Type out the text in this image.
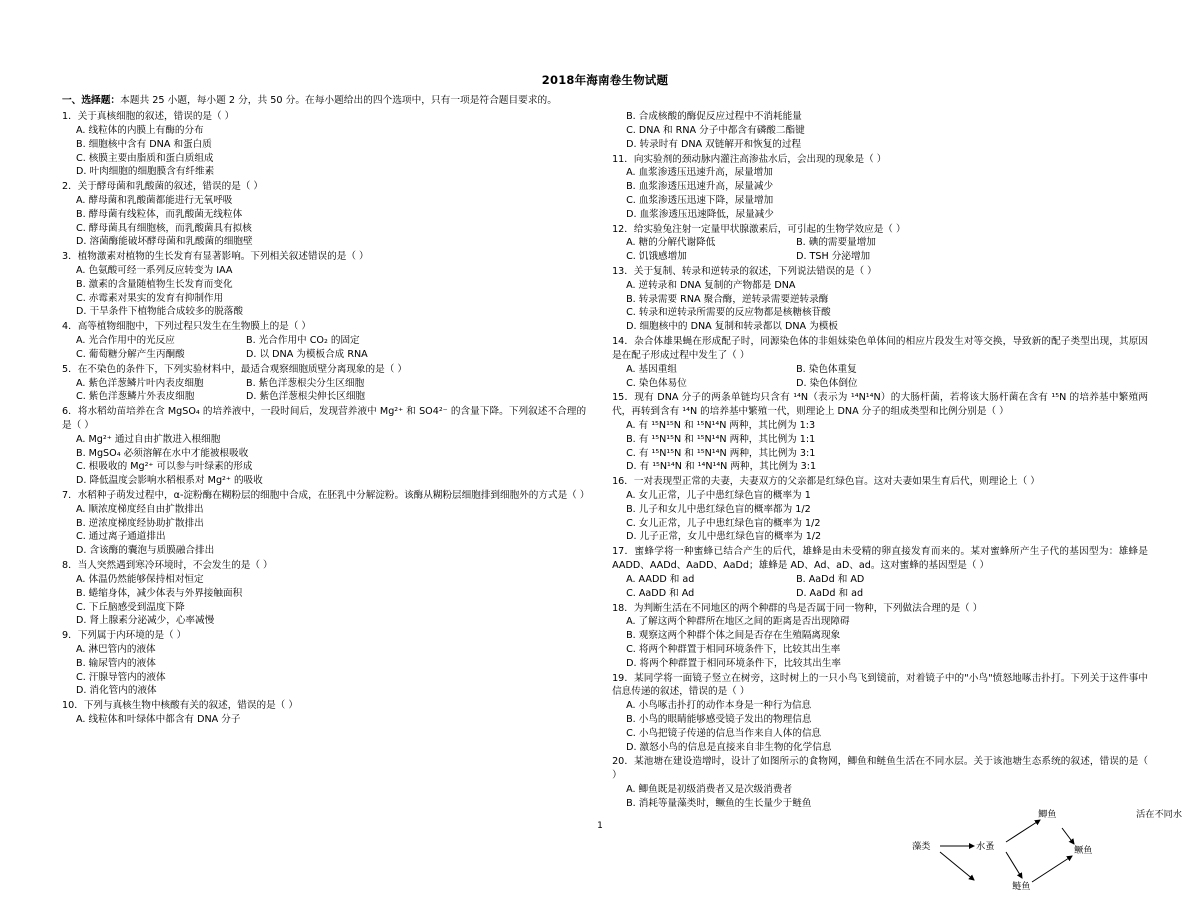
2018年海南卷生物试题
一、选择题：本题共 25 小题，每小题 2 分，共 50 分。在每小题给出的四个选项中，只有一项是符合题目要求的。
1．关于真核细胞的叙述，错误的是（ ）
A. 线粒体的内膜上有酶的分布
B. 细胞核中含有 DNA 和蛋白质
C. 核膜主要由脂质和蛋白质组成
D. 叶肉细胞的细胞膜含有纤维素
2．关于酵母菌和乳酸菌的叙述，错误的是（ ）
A. 酵母菌和乳酸菌都能进行无氧呼吸
B. 酵母菌有线粒体，而乳酸菌无线粒体
C. 酵母菌具有细胞核，而乳酸菌具有拟核
D. 溶菌酶能破坏酵母菌和乳酸菌的细胞壁
3．植物激素对植物的生长发育有显著影响。下列相关叙述错误的是（ ）
A. 色氨酸可经一系列反应转变为 IAA
B. 激素的含量随植物生长发育而变化
C. 赤霉素对果实的发育有抑制作用
D. 干旱条件下植物能合成较多的脱落酸
4．高等植物细胞中，下列过程只发生在生物膜上的是（ ）
A. 光合作用中的光反应	B. 光合作用中 CO₂ 的固定
C. 葡萄糖分解产生丙酮酸	D. 以 DNA 为模板合成 RNA
5．在不染色的条件下，下列实验材料中，最适合观察细胞质壁分离现象的是（ ）
A. 紫色洋葱鳞片叶内表皮细胞	B. 紫色洋葱根尖分生区细胞
C. 紫色洋葱鳞片外表皮细胞	D. 紫色洋葱根尖伸长区细胞
6．将水稻幼苗培养在含 MgSO₄ 的培养液中，一段时间后，发现营养液中 Mg²⁺ 和 SO4²⁻ 的含量下降。下列叙述不合理的是（ ）
A. Mg²⁺ 通过自由扩散进入根细胞
B. MgSO₄ 必须溶解在水中才能被根吸收
C. 根吸收的 Mg²⁺ 可以参与叶绿素的形成
D. 降低温度会影响水稻根系对 Mg²⁺ 的吸收
7．水稻种子萌发过程中，α-淀粉酶在糊粉层的细胞中合成，在胚乳中分解淀粉。该酶从糊粉层细胞排到细胞外的方式是（ ）
A. 顺浓度梯度经自由扩散排出
B. 逆浓度梯度经协助扩散排出
C. 通过离子通道排出
D. 含该酶的囊泡与质膜融合排出
8．当人突然遇到寒冷环境时，不会发生的是（ ）
A. 体温仍然能够保持相对恒定
B. 蜷缩身体，减少体表与外界接触面积
C. 下丘脑感受到温度下降
D. 肾上腺素分泌减少，心率减慢
9．下列属于内环境的是（ ）
A. 淋巴管内的液体
B. 输尿管内的液体
C. 汗腺导管内的液体
D. 消化管内的液体
10．下列与真核生物中核酸有关的叙述，错误的是（ ）
A. 线粒体和叶绿体中都含有 DNA 分子
B. 合成核酸的酶促反应过程中不消耗能量
C. DNA 和 RNA 分子中都含有磷酸二酯键
D. 转录时有 DNA 双链解开和恢复的过程
11．向实验剂的颈动脉内灌注高渗盐水后，会出现的现象是（ ）
A. 血浆渗透压迅速升高，尿量增加
B. 血浆渗透压迅速升高，尿量减少
C. 血浆渗透压迅速下降，尿量增加
D. 血浆渗透压迅速降低，尿量减少
12．给实验兔注射一定量甲状腺激素后，可引起的生物学效应是（ ）
A. 糖的分解代谢降低	B. 碘的需要量增加
C. 饥饿感增加	D. TSH 分泌增加
13．关于复制、转录和逆转录的叙述，下列说法错误的是（ ）
A. 逆转录和 DNA 复制的产物都是 DNA
B. 转录需要 RNA 聚合酶，逆转录需要逆转录酶
C. 转录和逆转录所需要的反应物都是核糖核苷酸
D. 细胞核中的 DNA 复制和转录都以 DNA 为模板
14．杂合体雄果蝇在形成配子时，同源染色体的非姐妹染色单体间的相应片段发生对等交换，导致新的配子类型出现，其原因是在配子形成过程中发生了（ ）
A. 基因重组	B. 染色体重复
C. 染色体易位	D. 染色体倒位
15．现有 DNA 分子的两条单链均只含有 ¹⁴N（表示为 ¹⁴N¹⁴N）的大肠杆菌，若将该大肠杆菌在含有 ¹⁵N 的培养基中繁殖两代，再转到含有 ¹⁴N 的培养基中繁殖一代，则理论上 DNA 分子的组成类型和比例分别是（ ）
A. 有 ¹⁵N¹⁵N 和 ¹⁵N¹⁴N 两种，其比例为 1:3
B. 有 ¹⁵N¹⁵N 和 ¹⁵N¹⁴N 两种，其比例为 1:1
C. 有 ¹⁵N¹⁵N 和 ¹⁵N¹⁴N 两种，其比例为 3:1
D. 有 ¹⁵N¹⁴N 和 ¹⁴N¹⁴N 两种，其比例为 3:1
16．一对表现型正常的夫妻，夫妻双方的父亲都是红绿色盲。这对夫妻如果生育后代，则理论上（ ）
A. 女儿正常，儿子中患红绿色盲的概率为 1
B. 儿子和女儿中患红绿色盲的概率都为 1/2
C. 女儿正常，儿子中患红绿色盲的概率为 1/2
D. 儿子正常，女儿中患红绿色盲的概率为 1/2
17．蜜蜂学将一种蜜蜂已结合产生的后代，雄蜂是由未受精的卵直接发育而来的。某对蜜蜂所产生子代的基因型为：雄蜂是 AADD、AADd、AaDD、AaDd；雄蜂是 AD、Ad、aD、ad。这对蜜蜂的基因型是（ ）
A. AADD 和 ad	B. AaDd 和 AD
C. AaDD 和 Ad	D. AaDd 和 ad
18．为判断生活在不同地区的两个种群的鸟是否属于同一物种，下列做法合理的是（ ）
A. 了解这两个种群所在地区之间的距离是否出现障碍
B. 观察这两个种群个体之间是否存在生殖隔离现象
C. 将两个种群置于相同环境条件下，比较其出生率
D. 将两个种群置于相同环境条件下，比较其出生率
19．某同学将一面镜子竖立在树旁，这时树上的一只小鸟飞到镜前，对着镜子中的"小鸟"愤怒地啄击扑打。下列关于这件事中信息传递的叙述，错误的是（ ）
A. 小鸟啄击扑打的动作本身是一种行为信息
B. 小鸟的眼睛能够感受镜子发出的物理信息
C. 小鸟把镜子传递的信息当作来自人体的信息
D. 激怒小鸟的信息是直接来自非生物的化学信息
20．某池塘在建设造增时，设计了如图所示的食物网，鲫鱼和鲢鱼生活在不同水层。关于该池塘生态系统的叙述，错误的是（ ）
A. 鲫鱼既是初级消费者又是次级消费者
B. 消耗等量藻类时，鳜鱼的生长量少于鲢鱼
藻类	水蚤
鲫鱼
鳜鱼
鲢鱼
活在不同水
1
